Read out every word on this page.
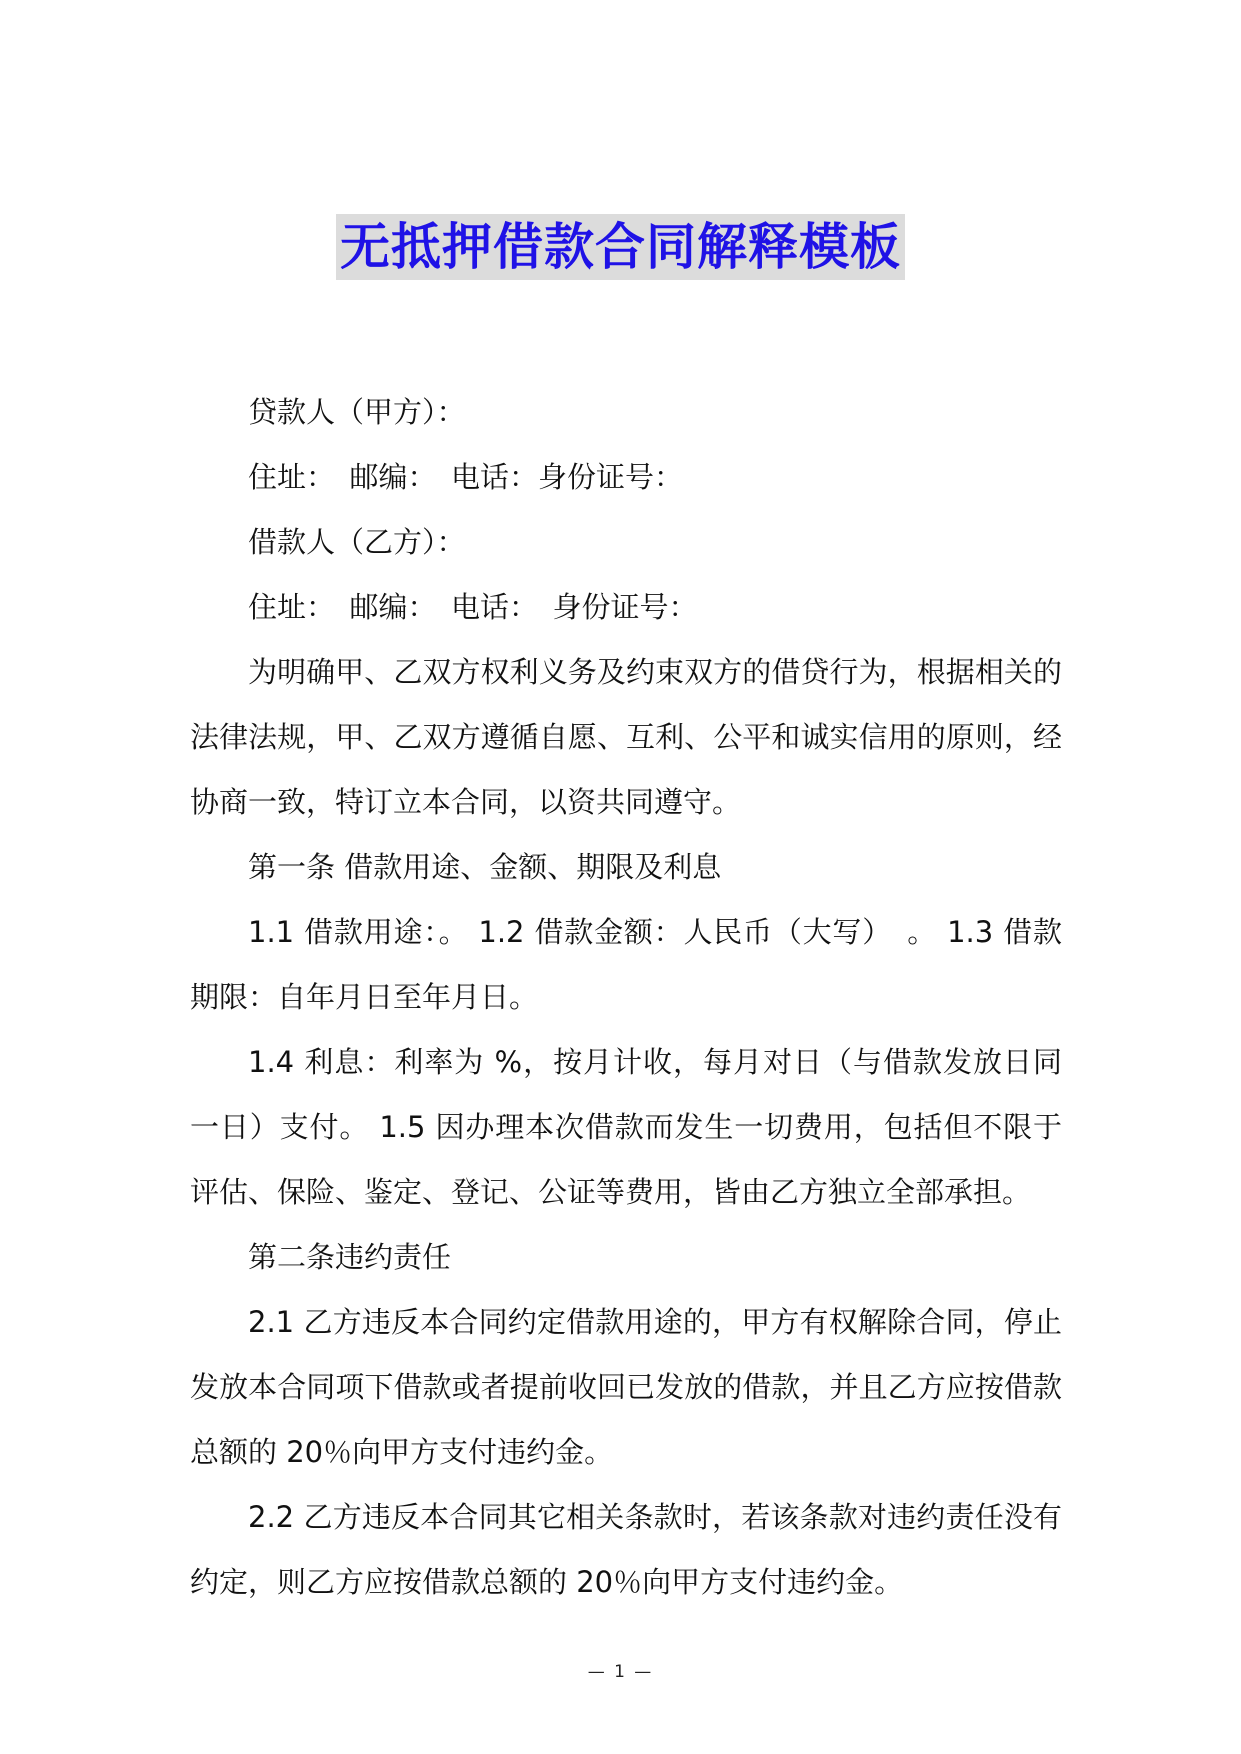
无抵押借款合同解释模板

贷款人（甲方）：

住址：　邮编：　电话：身份证号：

借款人（乙方）：

住址：　邮编：　电话：　身份证号：

为明确甲、乙双方权利义务及约束双方的借贷行为，根据相关的法律法规，甲、乙双方遵循自愿、互利、公平和诚实信用的原则，经协商一致，特订立本合同，以资共同遵守。

第一条 借款用途、金额、期限及利息

1.1 借款用途：。 1.2 借款金额：人民币（大写）　。 1.3 借款期限：自年月日至年月日。

1.4 利息：利率为 %，按月计收，每月对日（与借款发放日同一日）支付。 1.5 因办理本次借款而发生一切费用，包括但不限于评估、保险、鉴定、登记、公证等费用，皆由乙方独立全部承担。

第二条违约责任

2.1 乙方违反本合同约定借款用途的，甲方有权解除合同，停止发放本合同项下借款或者提前收回已发放的借款，并且乙方应按借款总额的 20％向甲方支付违约金。

2.2 乙方违反本合同其它相关条款时，若该条款对违约责任没有约定，则乙方应按借款总额的 20％向甲方支付违约金。

— 1 —
